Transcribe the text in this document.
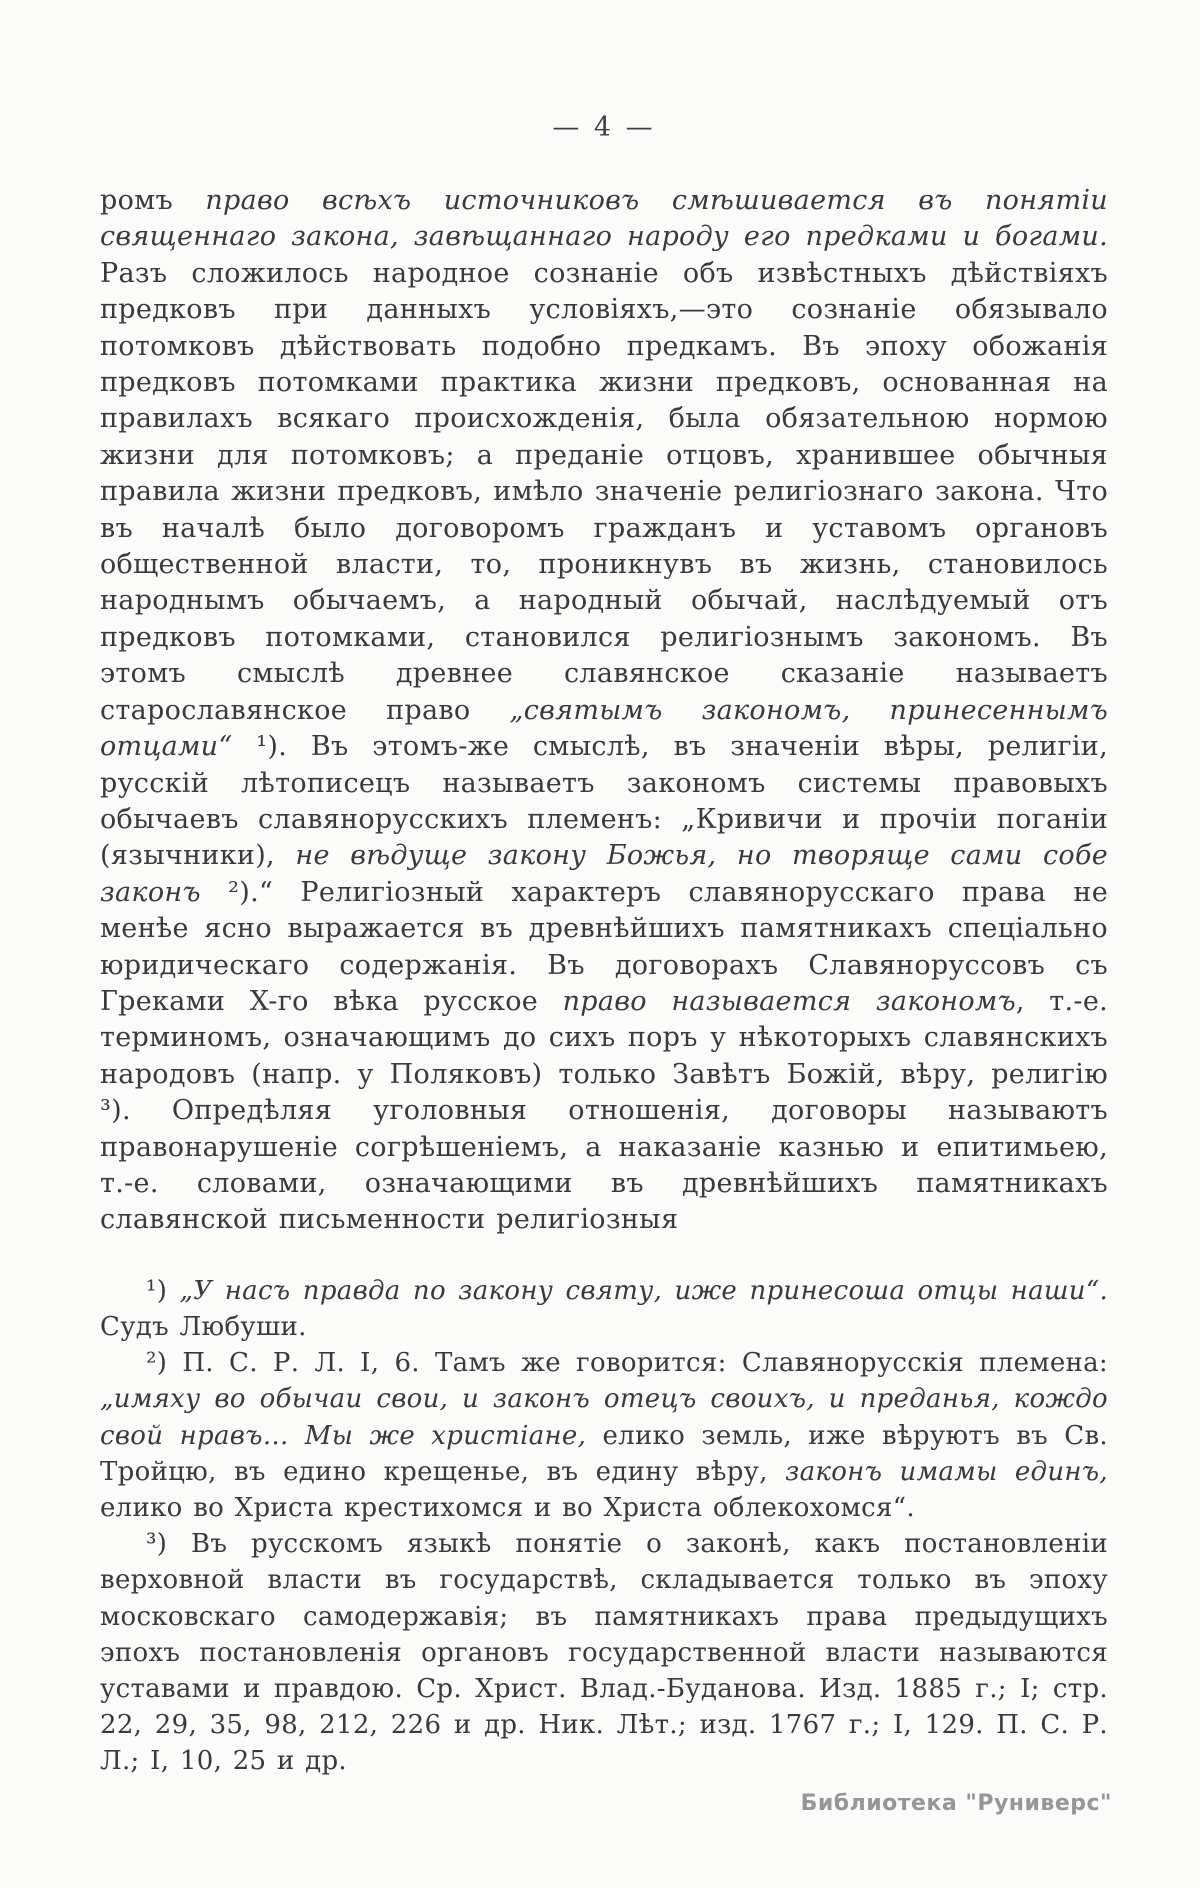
— 4 —
ромъ право всѣхъ источниковъ смѣшивается въ понятіи священнаго закона, завѣщаннаго народу его предками и богами. Разъ сложилось народное сознаніе объ извѣстныхъ дѣйствіяхъ предковъ при данныхъ условіяхъ,—это сознаніе обязывало потомковъ дѣйствовать подобно предкамъ. Въ эпоху обожанія предковъ потомками практика жизни предковъ, основанная на правилахъ всякаго происхожденія, была обязательною нормою жизни для потомковъ; а преданіе отцовъ, хранившее обычныя правила жизни предковъ, имѣло значеніе религіознаго закона. Что въ началѣ было договоромъ гражданъ и уставомъ органовъ общественной власти, то, проникнувъ въ жизнь, становилось народнымъ обычаемъ, а народный обычай, наслѣдуемый отъ предковъ потомками, становился религіознымъ закономъ. Въ этомъ смыслѣ древнее славянское сказаніе называетъ старославянское право „святымъ закономъ, принесеннымъ отцами“ ¹). Въ этомъ-же смыслѣ, въ значеніи вѣры, религіи, русскій лѣтописецъ называетъ закономъ системы правовыхъ обычаевъ славянорусскихъ племенъ: „Кривичи и прочіи поганіи (язычники), не вѣдуще закону Божья, но творяще сами собе законъ ²).“ Религіозный характеръ славянорусскаго права не менѣе ясно выражается въ древнѣйшихъ памятникахъ спеціально юридическаго содержанія. Въ договорахъ Славяноруссовъ съ Греками X-го вѣка русское право называется закономъ, т.-е. терминомъ, означающимъ до сихъ поръ у нѣкоторыхъ славянскихъ народовъ (напр. у Поляковъ) только Завѣтъ Божій, вѣру, религію ³). Опредѣляя уголовныя отношенія, договоры называютъ правонарушеніе согрѣшеніемъ, а наказаніе казнью и епитимьею, т.-е. словами, означающими въ древнѣйшихъ памятникахъ славянской письменности религіозныя
¹) „У насъ правда по закону святу, иже принесоша отцы наши“. Судъ Любуши.
²) П. С. Р. Л. I, 6. Тамъ же говорится: Славянорусскія племена: „имяху во обычаи свои, и законъ отецъ своихъ, и преданья, кождо свой нравъ... Мы же христіане, елико земль, иже вѣруютъ въ Св. Тройцю, въ едино крещенье, въ едину вѣру, законъ имамы единъ, елико во Христа крестихомся и во Христа облекохомся“.
³) Въ русскомъ языкѣ понятіе о законѣ, какъ постановленіи верховной власти въ государствѣ, складывается только въ эпоху московскаго самодержавія; въ памятникахъ права предыдущихъ эпохъ постановленія органовъ государственной власти называются уставами и правдою. Ср. Христ. Влад.-Буданова. Изд. 1885 г.; I; стр. 22, 29, 35, 98, 212, 226 и др. Ник. Лѣт.; изд. 1767 г.; I, 129. П. С. Р. Л.; I, 10, 25 и др.
Библиотека "Руниверс"
